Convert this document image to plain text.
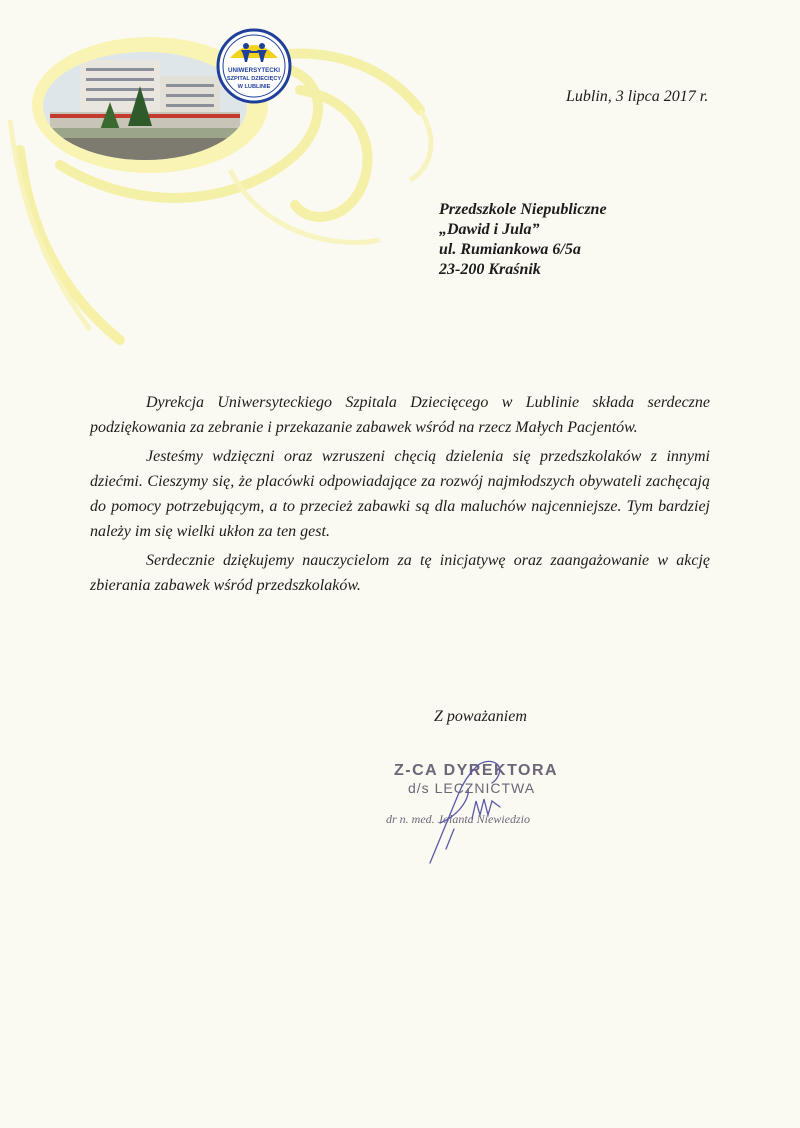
UNIWERSYTECKI
SZPITAL DZIECIĘCY
W LUBLINIE
Lublin, 3 lipca 2017 r.
Przedszkole Niepubliczne
„Dawid i Jula”
ul. Rumiankowa 6/5a
23-200 Kraśnik

Dyrekcja Uniwersyteckiego Szpitala Dziecięcego w Lublinie składa serdeczne podziękowania za zebranie i przekazanie zabawek wśród na rzecz Małych Pacjentów.

Jesteśmy wdzięczni oraz wzruszeni chęcią dzielenia się przedszkolaków z innymi dziećmi. Cieszymy się, że placówki odpowiadające za rozwój najmłodszych obywateli zachęcają do pomocy potrzebującym, a to przecież zabawki są dla maluchów najcenniejsze. Tym bardziej należy im się wielki ukłon za ten gest.

Serdecznie dziękujemy nauczycielom za tę inicjatywę oraz zaangażowanie w akcję zbierania zabawek wśród przedszkolaków.

Z poważaniem
Z-CA DYREKTORA
d/s LECZNICTWA
dr n. med. Jolanta Niewiedzio
